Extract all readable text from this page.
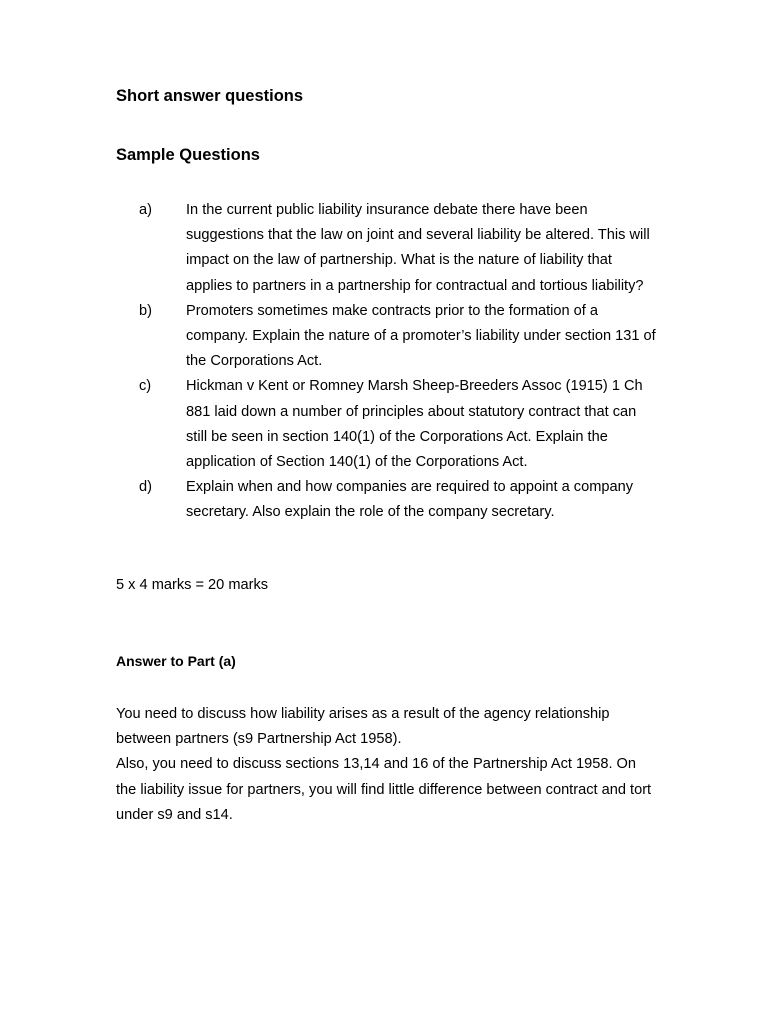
Short answer questions
Sample Questions
a) In the current public liability insurance debate there have been suggestions that the law on joint and several liability be altered. This will impact on the law of partnership. What is the nature of liability that applies to partners in a partnership for contractual and tortious liability?
b) Promoters sometimes make contracts prior to the formation of a company. Explain the nature of a promoter’s liability under section 131 of the Corporations Act.
c) Hickman v Kent or Romney Marsh Sheep-Breeders Assoc (1915) 1 Ch 881 laid down a number of principles about statutory contract that can still be seen in section 140(1) of the Corporations Act. Explain the application of Section 140(1) of the Corporations Act.
d) Explain when and how companies are required to appoint a company secretary. Also explain the role of the company secretary.

5 x 4 marks = 20 marks

Answer to Part (a)

You need to discuss how liability arises as a result of the agency relationship between partners (s9 Partnership Act 1958).

Also, you need to discuss sections 13,14 and 16 of the Partnership Act 1958. On the liability issue for partners, you will find little difference between contract and tort under s9 and s14.
